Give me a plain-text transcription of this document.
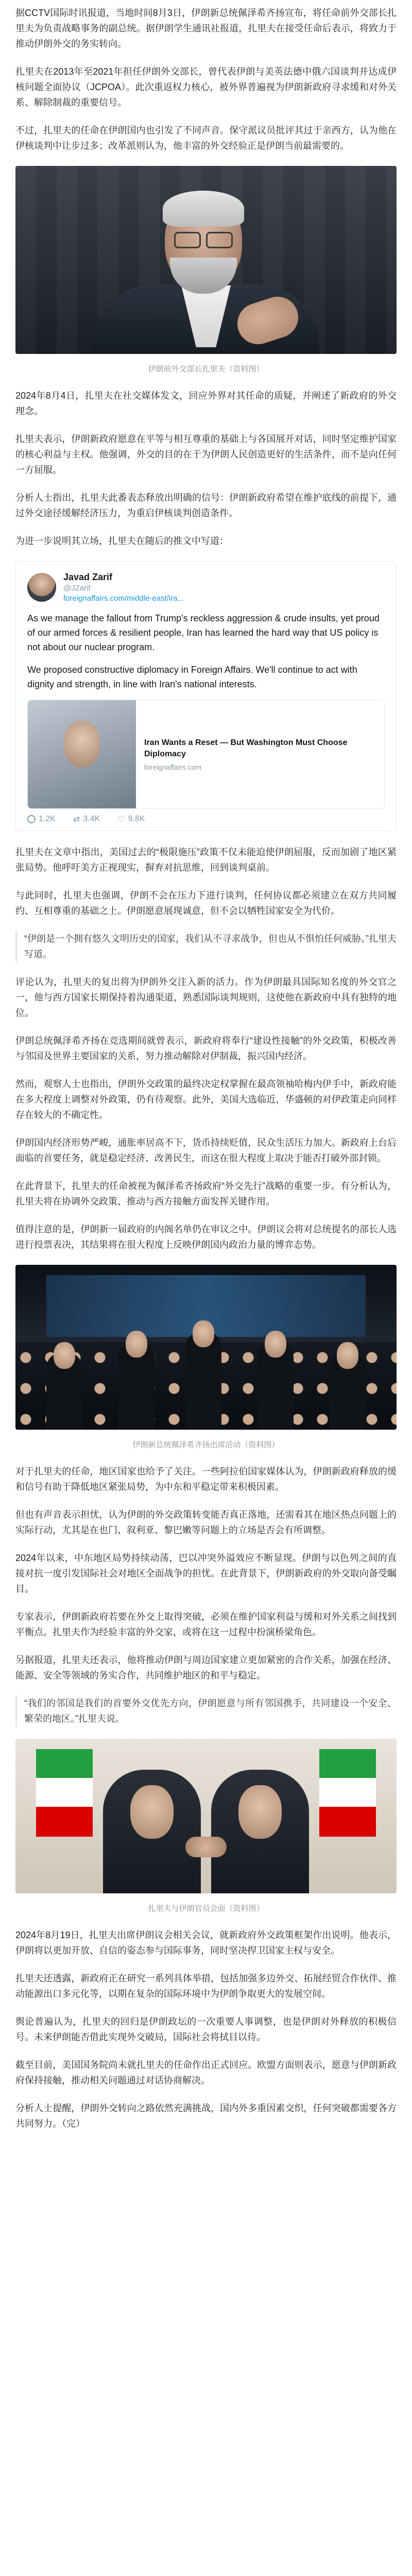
据CCTV国际时讯报道，当地时间8月3日，伊朗新总统佩泽希齐扬宣布，将任命前外交部长扎里夫为负责战略事务的副总统。据伊朗学生通讯社报道，扎里夫在接受任命后表示，将致力于推动伊朗外交的务实转向。

扎里夫在2013年至2021年担任伊朗外交部长，曾代表伊朗与美英法德中俄六国谈判并达成伊核问题全面协议（JCPOA）。此次重返权力核心，被外界普遍视为伊朗新政府寻求缓和对外关系、解除制裁的重要信号。

不过，扎里夫的任命在伊朗国内也引发了不同声音。保守派议员批评其过于亲西方，认为他在伊核谈判中让步过多；改革派则认为，他丰富的外交经验正是伊朗当前最需要的。

伊朗前外交部长扎里夫（资料图）

2024年8月4日，扎里夫在社交媒体发文，回应外界对其任命的质疑，并阐述了新政府的外交理念。

扎里夫表示，伊朗新政府愿意在平等与相互尊重的基础上与各国展开对话，同时坚定维护国家的核心利益与主权。他强调，外交的目的在于为伊朗人民创造更好的生活条件，而不是向任何一方屈服。

分析人士指出，扎里夫此番表态释放出明确的信号：伊朗新政府希望在维护底线的前提下，通过外交途径缓解经济压力，为重启伊核谈判创造条件。

为进一步说明其立场，扎里夫在随后的推文中写道：

Javad Zarif
@JZarif
foreignaffairs.com/middle-east/ira...

As we manage the fallout from Trump's reckless aggression & crude insults, yet proud of our armed forces & resilient people, Iran has learned the hard way that US policy is not about our nuclear program.

We proposed constructive diplomacy in Foreign Affairs. We'll continue to act with dignity and strength, in line with Iran's national interests.

Iran Wants a Reset — But Washington Must Choose Diplomacy
foreignaffairs.com
1.2K ⇄ 3.4K ♡ 9.8K

扎里夫在文章中指出，美国过去的“极限施压”政策不仅未能迫使伊朗屈服，反而加剧了地区紧张局势。他呼吁美方正视现实，摒弃对抗思维，回到谈判桌前。

与此同时，扎里夫也强调，伊朗不会在压力下进行谈判，任何协议都必须建立在双方共同履约、互相尊重的基础之上。伊朗愿意展现诚意，但不会以牺牲国家安全为代价。

“伊朗是一个拥有悠久文明历史的国家，我们从不寻求战争，但也从不惧怕任何威胁。”扎里夫写道。

评论认为，扎里夫的复出将为伊朗外交注入新的活力。作为伊朗最具国际知名度的外交官之一，他与西方国家长期保持着沟通渠道，熟悉国际谈判规则，这使他在新政府中具有独特的地位。

伊朗总统佩泽希齐扬在竞选期间就曾表示，新政府将奉行“建设性接触”的外交政策，积极改善与邻国及世界主要国家的关系，努力推动解除对伊制裁，振兴国内经济。

然而，观察人士也指出，伊朗外交政策的最终决定权掌握在最高领袖哈梅内伊手中，新政府能在多大程度上调整对外政策，仍有待观察。此外，美国大选临近，华盛顿的对伊政策走向同样存在较大的不确定性。

伊朗国内经济形势严峻，通胀率居高不下，货币持续贬值，民众生活压力加大。新政府上台后面临的首要任务，就是稳定经济、改善民生，而这在很大程度上取决于能否打破外部封锁。

在此背景下，扎里夫的任命被视为佩泽希齐扬政府“外交先行”战略的重要一步。有分析认为，扎里夫将在协调外交政策、推动与西方接触方面发挥关键作用。

值得注意的是，伊朗新一届政府的内阁名单仍在审议之中。伊朗议会将对总统提名的部长人选进行投票表决，其结果将在很大程度上反映伊朗国内政治力量的博弈态势。

伊朗新总统佩泽希齐扬出席活动（资料图）

对于扎里夫的任命，地区国家也给予了关注。一些阿拉伯国家媒体认为，伊朗新政府释放的缓和信号有助于降低地区紧张局势，为中东和平稳定带来积极因素。

但也有声音表示担忧，认为伊朗的外交政策转变能否真正落地，还需看其在地区热点问题上的实际行动，尤其是在也门、叙利亚、黎巴嫩等问题上的立场是否会有所调整。

2024年以来，中东地区局势持续动荡，巴以冲突外溢效应不断显现。伊朗与以色列之间的直接对抗一度引发国际社会对地区全面战争的担忧。在此背景下，伊朗新政府的外交取向备受瞩目。

专家表示，伊朗新政府若要在外交上取得突破，必须在维护国家利益与缓和对外关系之间找到平衡点。扎里夫作为经验丰富的外交家，或将在这一过程中扮演桥梁角色。

另据报道，扎里夫还表示，他将推动伊朗与周边国家建立更加紧密的合作关系，加强在经济、能源、安全等领域的务实合作，共同维护地区的和平与稳定。

“我们的邻国是我们的首要外交优先方向，伊朗愿意与所有邻国携手，共同建设一个安全、繁荣的地区。”扎里夫说。

扎里夫与伊朗官员会面（资料图）

2024年8月19日，扎里夫出席伊朗议会相关会议，就新政府外交政策框架作出说明。他表示，伊朗将以更加开放、自信的姿态参与国际事务，同时坚决捍卫国家主权与安全。

扎里夫还透露，新政府正在研究一系列具体举措，包括加强多边外交、拓展经贸合作伙伴、推动能源出口多元化等，以期在复杂的国际环境中为伊朗争取更大的发展空间。

舆论普遍认为，扎里夫的回归是伊朗政坛的一次重要人事调整，也是伊朗对外释放的积极信号。未来伊朗能否借此实现外交破局，国际社会将拭目以待。

截至目前，美国国务院尚未就扎里夫的任命作出正式回应。欧盟方面则表示，愿意与伊朗新政府保持接触，推动相关问题通过对话协商解决。

分析人士提醒，伊朗外交转向之路依然充满挑战，国内外多重因素交织，任何突破都需要各方共同努力。（完）
